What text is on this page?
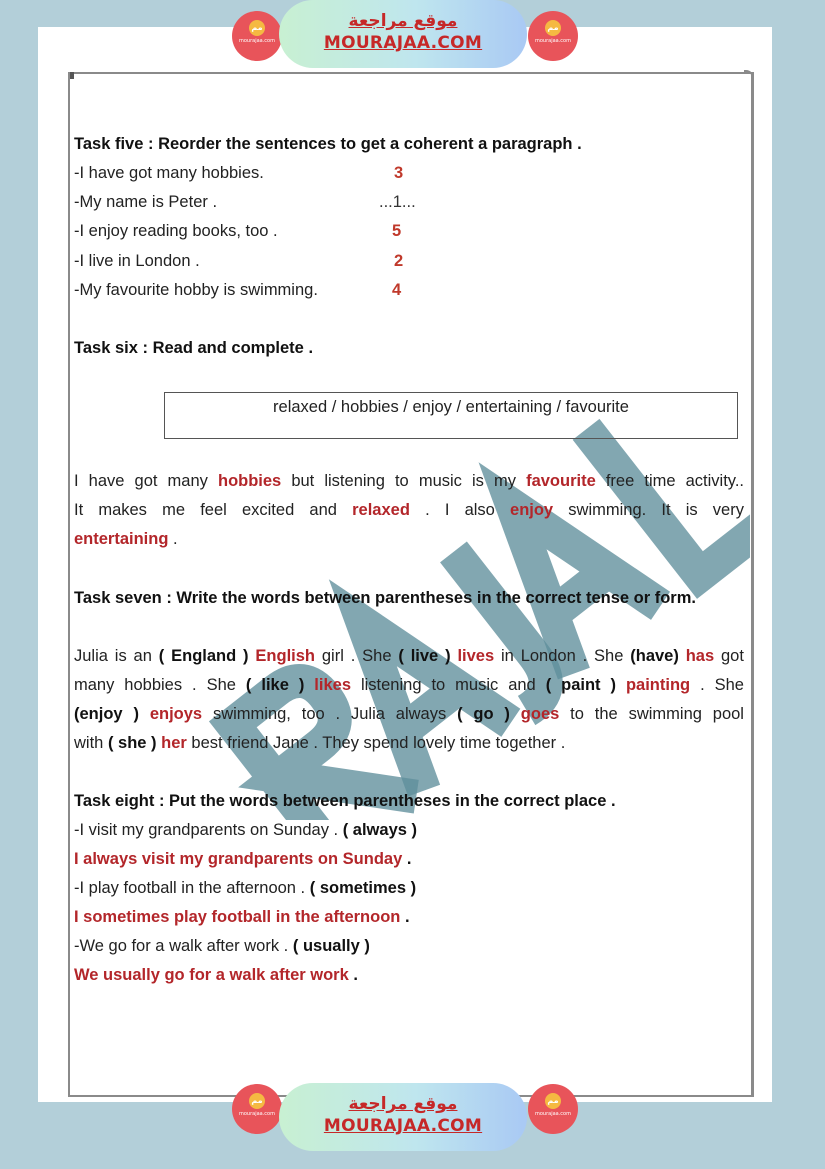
ﻣﻢ
mourajaa.com
موقع مراجعة
MOURAJAA.COM
ﻣﻢ
mourajaa.com
Task five : Reorder the sentences to get a coherent a paragraph .
-I have got many hobbies.	3
-My name is Peter .	...1...
-I enjoy reading books, too .	5
-I live in London .	2
-My favourite hobby is swimming.	4
Task six : Read and complete .
I have got many hobbies but listening to music is my favourite free time activity..
It makes me feel excited and relaxed . I also enjoy swimming. It is very
entertaining .
Task seven : Write the words between parentheses in the correct tense or form.
Julia is an ( England ) English girl . She ( live ) lives in London . She (have) has got
many hobbies . She ( like ) likes listening to music and ( paint ) painting . She
(enjoy ) enjoys swimming, too . Julia always ( go ) goes to the swimming pool
with ( she ) her best friend Jane . They spend lovely time together .
Task eight : Put the words between parentheses in the correct place .
-I visit my grandparents on Sunday . ( always )
I always visit my grandparents on Sunday .
-I play football in the afternoon . ( sometimes )
I sometimes play football in the afternoon .
-We go for a walk after work . ( usually )
We usually go for a walk after work .
relaxed / hobbies / enjoy / entertaining / favourite
ﻣﻢ
mourajaa.com	موقع مراجعة
MOURAJAA.COM
ﻣﻢ
mourajaa.com
